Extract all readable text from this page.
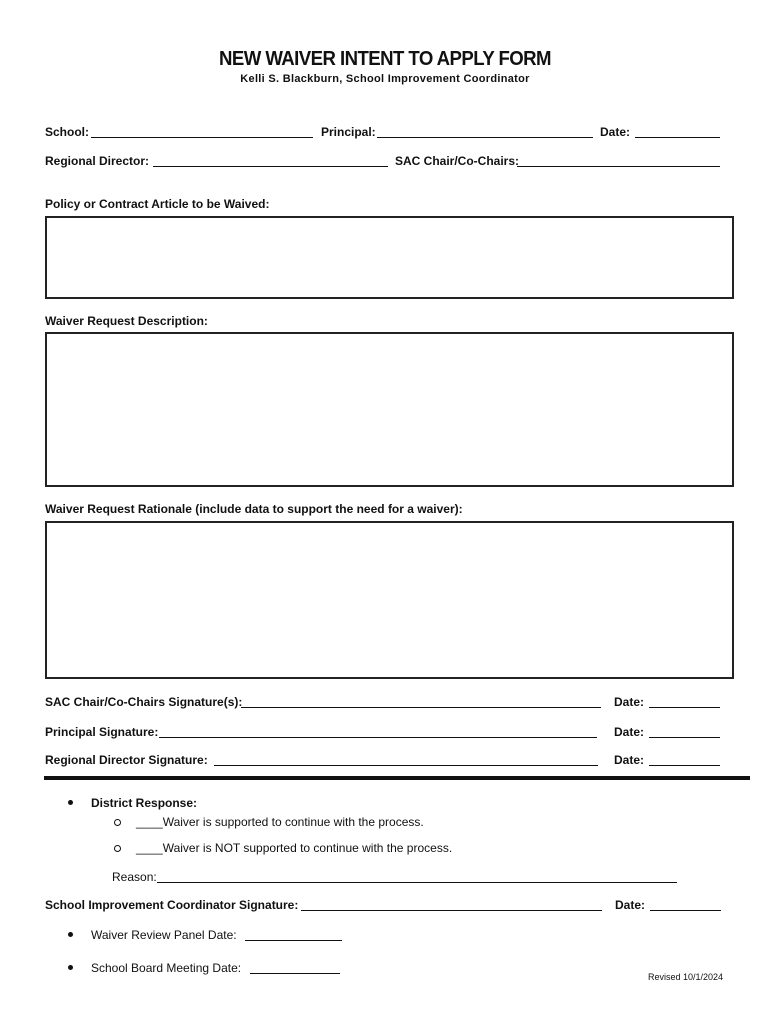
NEW WAIVER INTENT TO APPLY FORM
Kelli S. Blackburn, School Improvement Coordinator
School:	Principal:	Date:
Regional Director:	SAC Chair/Co-Chairs:
Policy or Contract Article to be Waived:
Waiver Request Description:
Waiver Request Rationale (include data to support the need for a waiver):
SAC Chair/Co-Chairs Signature(s):	Date:
Principal Signature:	Date:
Regional Director Signature:	Date:
District Response:
____Waiver is supported to continue with the process.
____Waiver is NOT supported to continue with the process.
Reason:
School Improvement Coordinator Signature:	Date:
Waiver Review Panel Date:
School Board Meeting Date:
Revised 10/1/2024
